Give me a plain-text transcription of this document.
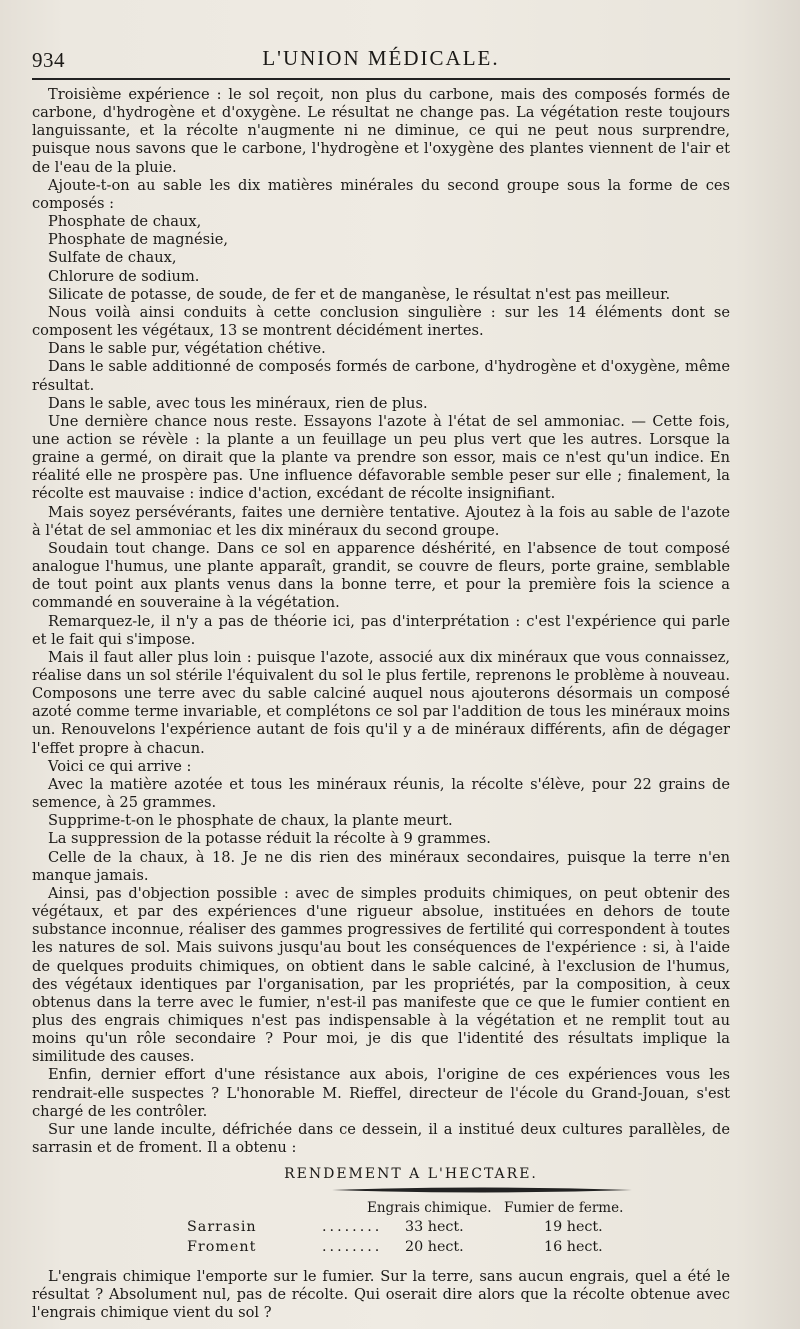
934	L'UNION MÉDICALE.

Troisième expérience : le sol reçoit, non plus du carbone, mais des composés formés de carbone, d'hydrogène et d'oxygène. Le résultat ne change pas. La végétation reste toujours languissante, et la récolte n'augmente ni ne diminue, ce qui ne peut nous surprendre, puisque nous savons que le carbone, l'hydrogène et l'oxygène des plantes viennent de l'air et de l'eau de la pluie.

Ajoute-t-on au sable les dix matières minérales du second groupe sous la forme de ces composés :

Phosphate de chaux,

Phosphate de magnésie,

Sulfate de chaux,

Chlorure de sodium.

Silicate de potasse, de soude, de fer et de manganèse, le résultat n'est pas meilleur.

Nous voilà ainsi conduits à cette conclusion singulière : sur les 14 éléments dont se composent les végétaux, 13 se montrent décidément inertes.

Dans le sable pur, végétation chétive.

Dans le sable additionné de composés formés de carbone, d'hydrogène et d'oxygène, même résultat.

Dans le sable, avec tous les minéraux, rien de plus.

Une dernière chance nous reste. Essayons l'azote à l'état de sel ammoniac. — Cette fois, une action se révèle : la plante a un feuillage un peu plus vert que les autres. Lorsque la graine a germé, on dirait que la plante va prendre son essor, mais ce n'est qu'un indice. En réalité elle ne prospère pas. Une influence défavorable semble peser sur elle ; finalement, la récolte est mauvaise : indice d'action, excédant de récolte insignifiant.

Mais soyez persévérants, faites une dernière tentative. Ajoutez à la fois au sable de l'azote à l'état de sel ammoniac et les dix minéraux du second groupe.

Soudain tout change. Dans ce sol en apparence déshérité, en l'absence de tout composé analogue l'humus, une plante apparaît, grandit, se couvre de fleurs, porte graine, semblable de tout point aux plants venus dans la bonne terre, et pour la première fois la science a commandé en souveraine à la végétation.

Remarquez-le, il n'y a pas de théorie ici, pas d'interprétation : c'est l'expérience qui parle et le fait qui s'impose.

Mais il faut aller plus loin : puisque l'azote, associé aux dix minéraux que vous connaissez, réalise dans un sol stérile l'équivalent du sol le plus fertile, reprenons le problème à nouveau. Composons une terre avec du sable calciné auquel nous ajouterons désormais un composé azoté comme terme invariable, et complétons ce sol par l'addition de tous les minéraux moins un. Renouvelons l'expérience autant de fois qu'il y a de minéraux différents, afin de dégager l'effet propre à chacun.

Voici ce qui arrive :

Avec la matière azotée et tous les minéraux réunis, la récolte s'élève, pour 22 grains de semence, à 25 grammes.

Supprime-t-on le phosphate de chaux, la plante meurt.

La suppression de la potasse réduit la récolte à 9 grammes.

Celle de la chaux, à 18. Je ne dis rien des minéraux secondaires, puisque la terre n'en manque jamais.

Ainsi, pas d'objection possible : avec de simples produits chimiques, on peut obtenir des végétaux, et par des expériences d'une rigueur absolue, instituées en dehors de toute substance inconnue, réaliser des gammes progressives de fertilité qui correspondent à toutes les natures de sol. Mais suivons jusqu'au bout les conséquences de l'expérience : si, à l'aide de quelques produits chimiques, on obtient dans le sable calciné, à l'exclusion de l'humus, des végétaux identiques par l'organisation, par les propriétés, par la composition, à ceux obtenus dans la terre avec le fumier, n'est-il pas manifeste que ce que le fumier contient en plus des engrais chimiques n'est pas indispensable à la végétation et ne remplit tout au moins qu'un rôle secondaire ? Pour moi, je dis que l'identité des résultats implique la similitude des causes.

Enfin, dernier effort d'une résistance aux abois, l'origine de ces expériences vous les rendrait-elle suspectes ? L'honorable M. Rieffel, directeur de l'école du Grand-Jouan, s'est chargé de les contrôler.

Sur une lande inculte, défrichée dans ce dessein, il a institué deux cultures parallèles, de sarrasin et de froment. Il a obtenu :

RENDEMENT A L'HECTARE.
Engrais chimique. Fumier de ferme.
Sarrasin	........	33 hect.	19 hect.
Froment	........	20 hect.	16 hect.

L'engrais chimique l'emporte sur le fumier. Sur la terre, sans aucun engrais, quel a été le résultat ? Absolument nul, pas de récolte. Qui oserait dire alors que la récolte obtenue avec l'engrais chimique vient du sol ?
